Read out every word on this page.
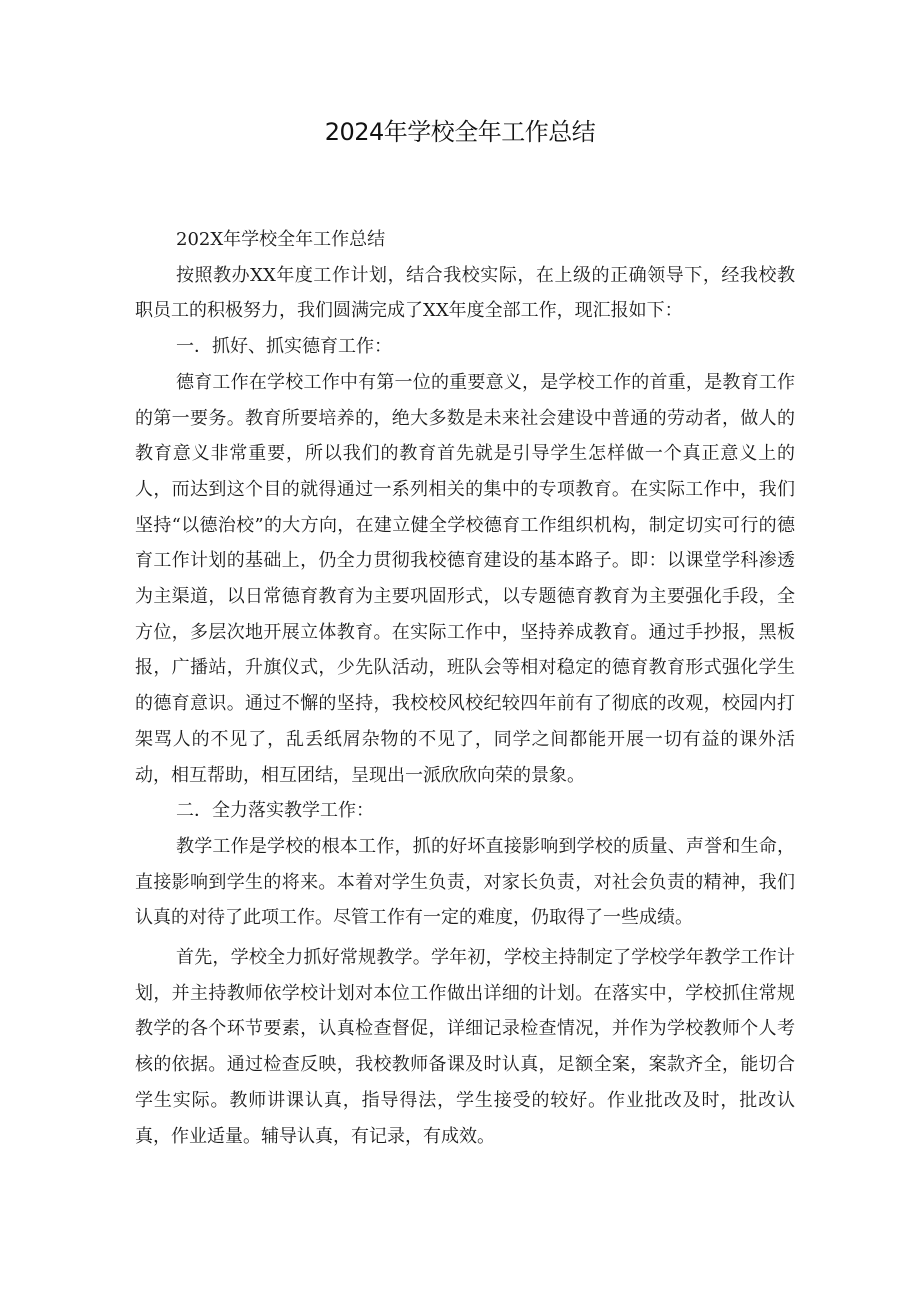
2024年学校全年工作总结

202X年学校全年工作总结

按照教办XX年度工作计划，结合我校实际，在上级的正确领导下，经我校教职员工的积极努力，我们圆满完成了XX年度全部工作，现汇报如下：

一．抓好、抓实德育工作：

德育工作在学校工作中有第一位的重要意义，是学校工作的首重，是教育工作的第一要务。教育所要培养的，绝大多数是未来社会建设中普通的劳动者，做人的教育意义非常重要，所以我们的教育首先就是引导学生怎样做一个真正意义上的人，而达到这个目的就得通过一系列相关的集中的专项教育。在实际工作中，我们坚持“以德治校”的大方向，在建立健全学校德育工作组织机构，制定切实可行的德育工作计划的基础上，仍全力贯彻我校德育建设的基本路子。即：以课堂学科渗透为主渠道，以日常德育教育为主要巩固形式，以专题德育教育为主要强化手段，全方位，多层次地开展立体教育。在实际工作中，坚持养成教育。通过手抄报，黑板报，广播站，升旗仪式，少先队活动，班队会等相对稳定的德育教育形式强化学生的德育意识。通过不懈的坚持，我校校风校纪较四年前有了彻底的改观，校园内打架骂人的不见了，乱丢纸屑杂物的不见了，同学之间都能开展一切有益的课外活动，相互帮助，相互团结，呈现出一派欣欣向荣的景象。

二．全力落实教学工作：

教学工作是学校的根本工作，抓的好坏直接影响到学校的质量、声誉和生命，直接影响到学生的将来。本着对学生负责，对家长负责，对社会负责的精神，我们认真的对待了此项工作。尽管工作有一定的难度，仍取得了一些成绩。

首先，学校全力抓好常规教学。学年初，学校主持制定了学校学年教学工作计划，并主持教师依学校计划对本位工作做出详细的计划。在落实中，学校抓住常规教学的各个环节要素，认真检查督促，详细记录检查情况，并作为学校教师个人考核的依据。通过检查反映，我校教师备课及时认真，足额全案，案款齐全，能切合学生实际。教师讲课认真，指导得法，学生接受的较好。作业批改及时，批改认真，作业适量。辅导认真，有记录，有成效。
